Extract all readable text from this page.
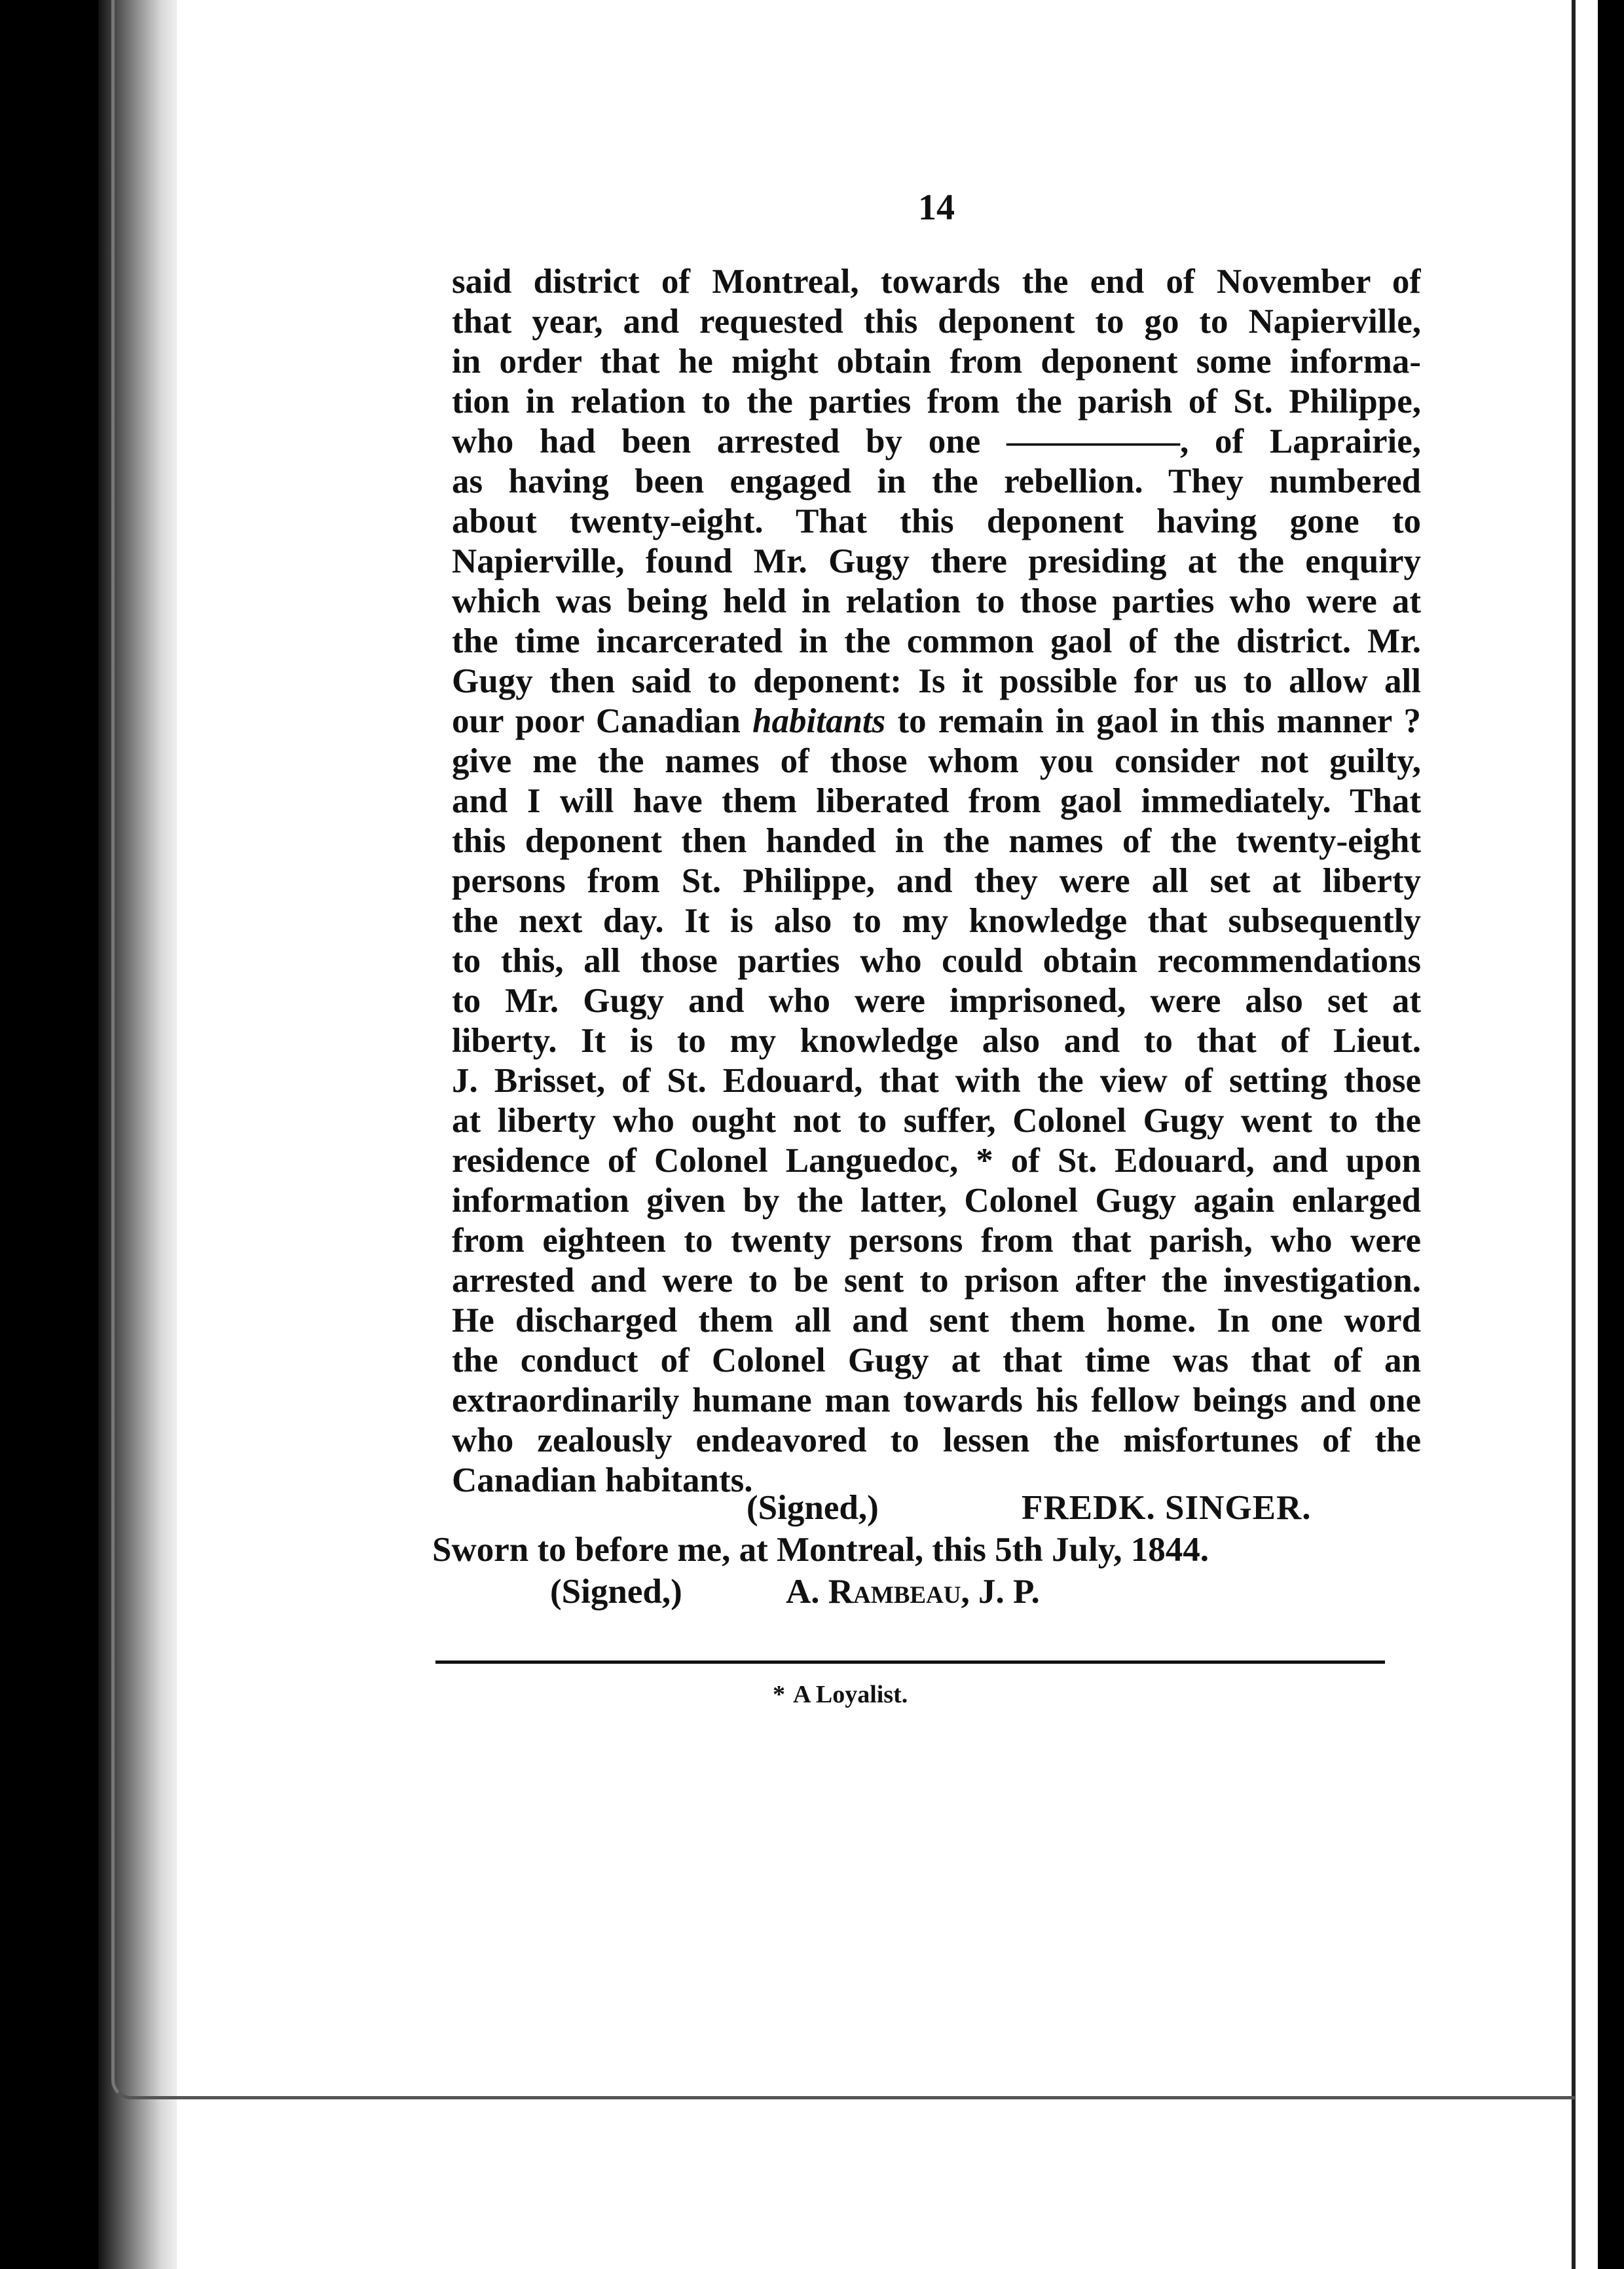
14
said district of Montreal, towards the end of November of
that year, and requested this deponent to go to Napierville,
in order that he might obtain from deponent some informa-
tion in relation to the parties from the parish of St. Philippe,
who had been arrested by one —————, of Laprairie,
as having been engaged in the rebellion. They numbered
about twenty-eight. That this deponent having gone to
Napierville, found Mr. Gugy there presiding at the enquiry
which was being held in relation to those parties who were at
the time incarcerated in the common gaol of the district. Mr.
Gugy then said to deponent: Is it possible for us to allow all
our poor Canadian habitants to remain in gaol in this manner ?
give me the names of those whom you consider not guilty,
and I will have them liberated from gaol immediately. That
this deponent then handed in the names of the twenty-eight
persons from St. Philippe, and they were all set at liberty
the next day. It is also to my knowledge that subsequently
to this, all those parties who could obtain recommendations
to Mr. Gugy and who were imprisoned, were also set at
liberty. It is to my knowledge also and to that of Lieut.
J. Brisset, of St. Edouard, that with the view of setting those
at liberty who ought not to suffer, Colonel Gugy went to the
residence of Colonel Languedoc, * of St. Edouard, and upon
information given by the latter, Colonel Gugy again enlarged
from eighteen to twenty persons from that parish, who were
arrested and were to be sent to prison after the investigation.
He discharged them all and sent them home. In one word
the conduct of Colonel Gugy at that time was that of an
extraordinarily humane man towards his fellow beings and one
who zealously endeavored to lessen the misfortunes of the
Canadian habitants.
(Signed,)	FREDK. SINGER.
Sworn to before me, at Montreal, this 5th July, 1844.
(Signed,)	A. Rambeau, J. P.
* A Loyalist.
